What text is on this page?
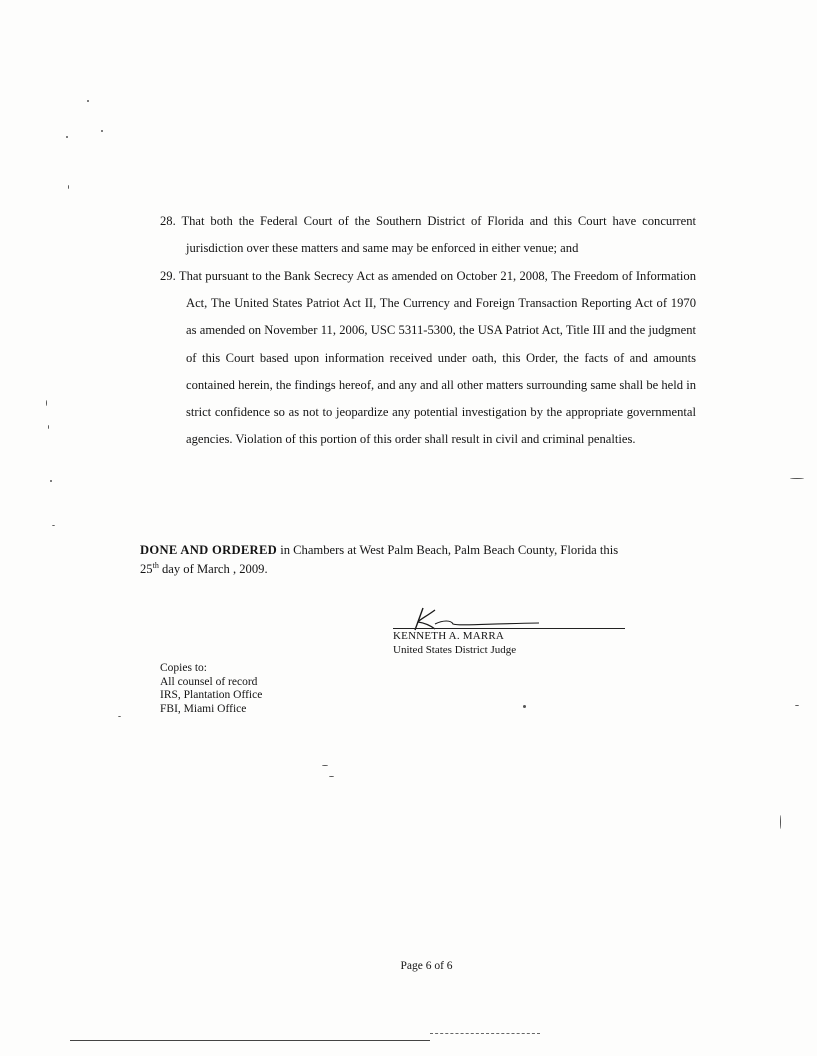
28. That both the Federal Court of the Southern District of Florida and this Court have concurrent jurisdiction over these matters and same may be enforced in either venue; and

29. That pursuant to the Bank Secrecy Act as amended on October 21, 2008, The Freedom of Information Act, The United States Patriot Act II, The Currency and Foreign Transaction Reporting Act of 1970 as amended on November 11, 2006, USC 5311-5300, the USA Patriot Act, Title III and the judgment of this Court based upon information received under oath, this Order, the facts of and amounts contained herein, the findings hereof, and any and all other matters surrounding same shall be held in strict confidence so as not to jeopardize any potential investigation by the appropriate governmental agencies. Violation of this portion of this order shall result in civil and criminal penalties.

DONE AND ORDERED in Chambers at West Palm Beach, Palm Beach County, Florida this
25th day of March , 2009.
KENNETH A. MARRA
United States District Judge
Copies to:
All counsel of record
IRS, Plantation Office
FBI, Miami Office
Page 6 of 6
